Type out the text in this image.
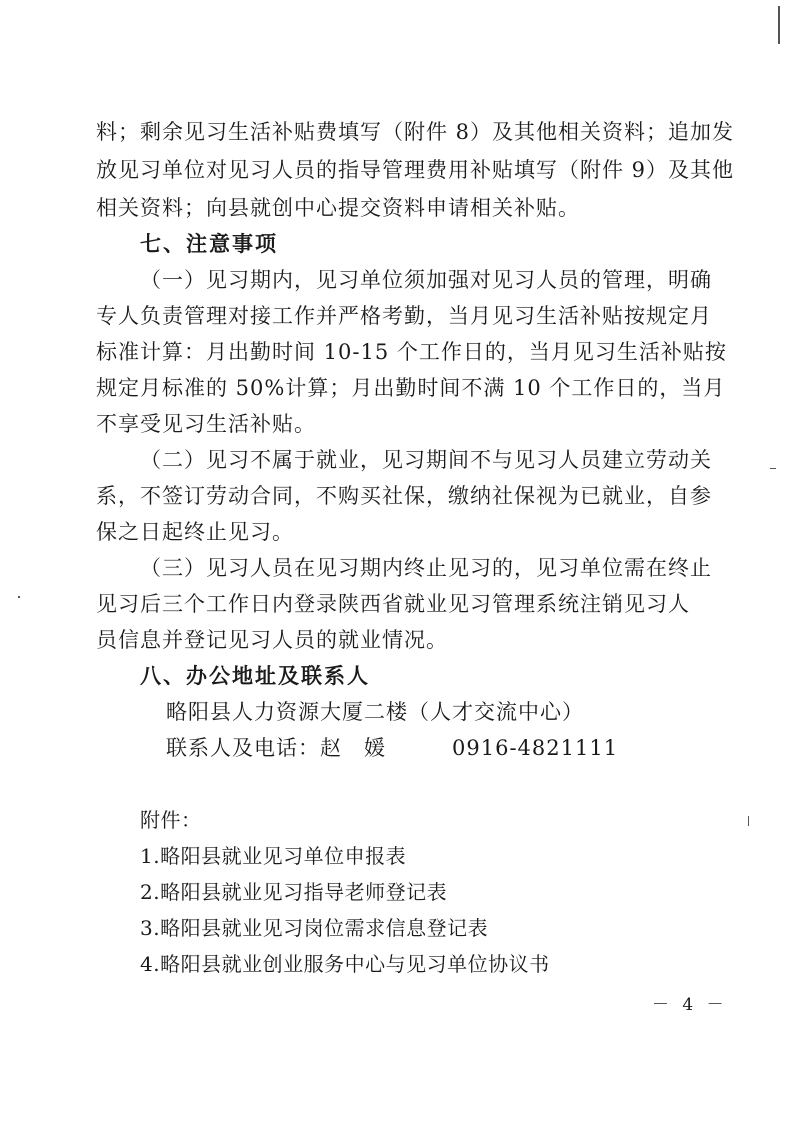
料；剩余见习生活补贴费填写（附件 8）及其他相关资料；追加发
放见习单位对见习人员的指导管理费用补贴填写（附件 9）及其他
相关资料；向县就创中心提交资料申请相关补贴。
七、注意事项
（一）见习期内，见习单位须加强对见习人员的管理，明确
专人负责管理对接工作并严格考勤，当月见习生活补贴按规定月
标准计算：月出勤时间 10-15 个工作日的，当月见习生活补贴按
规定月标准的 50%计算；月出勤时间不满 10 个工作日的，当月
不享受见习生活补贴。
（二）见习不属于就业，见习期间不与见习人员建立劳动关
系，不签订劳动合同，不购买社保，缴纳社保视为已就业，自参
保之日起终止见习。
（三）见习人员在见习期内终止见习的，见习单位需在终止
见习后三个工作日内登录陕西省就业见习管理系统注销见习人
员信息并登记见习人员的就业情况。
八、办公地址及联系人
略阳县人力资源大厦二楼（人才交流中心）
联系人及电话：赵　媛　　　0916-4821111
附件：
1.略阳县就业见习单位申报表
2.略阳县就业见习指导老师登记表
3.略阳县就业见习岗位需求信息登记表
4.略阳县就业创业服务中心与见习单位协议书
－ 4 －
